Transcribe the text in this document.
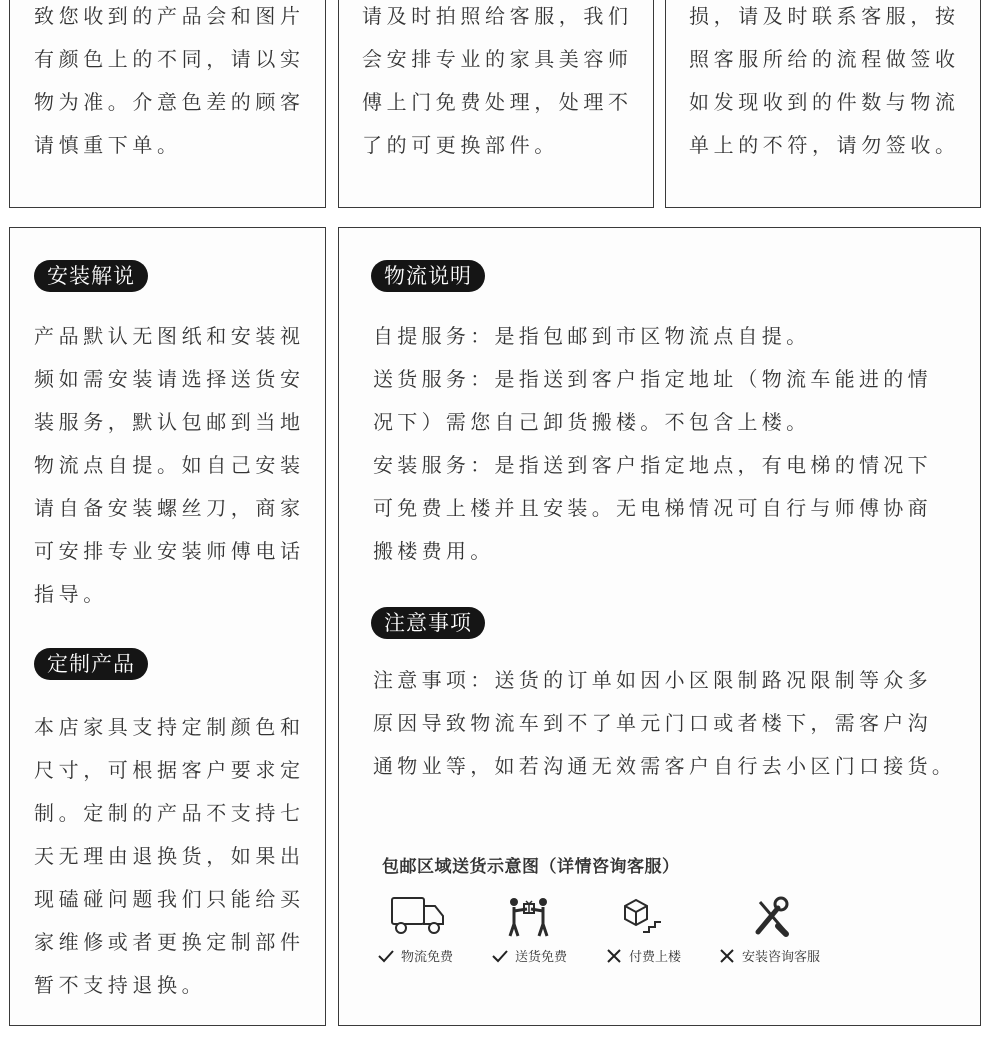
致您收到的产品会和图片
有颜色上的不同，请以实
物为准。介意色差的顾客
请慎重下单。
请及时拍照给客服，我们
会安排专业的家具美容师
傅上门免费处理，处理不
了的可更换部件。
损，请及时联系客服，按
照客服所给的流程做签收
如发现收到的件数与物流
单上的不符，请勿签收。
安装解说
产品默认无图纸和安装视
频如需安装请选择送货安
装服务，默认包邮到当地
物流点自提。如自己安装
请自备安装螺丝刀，商家
可安排专业安装师傅电话
指导。
定制产品
本店家具支持定制颜色和
尺寸，可根据客户要求定
制。定制的产品不支持七
天无理由退换货，如果出
现磕碰问题我们只能给买
家维修或者更换定制部件
暂不支持退换。
物流说明
自提服务：是指包邮到市区物流点自提。
送货服务：是指送到客户指定地址（物流车能进的情
况下）需您自己卸货搬楼。不包含上楼。
安装服务：是指送到客户指定地点，有电梯的情况下
可免费上楼并且安装。无电梯情况可自行与师傅协商
搬楼费用。
注意事项
注意事项：送货的订单如因小区限制路况限制等众多
原因导致物流车到不了单元门口或者楼下，需客户沟
通物业等，如若沟通无效需客户自行去小区门口接货。
包邮区域送货示意图（详情咨询客服）
物流免费	送货免费	付费上楼	安装咨询客服
